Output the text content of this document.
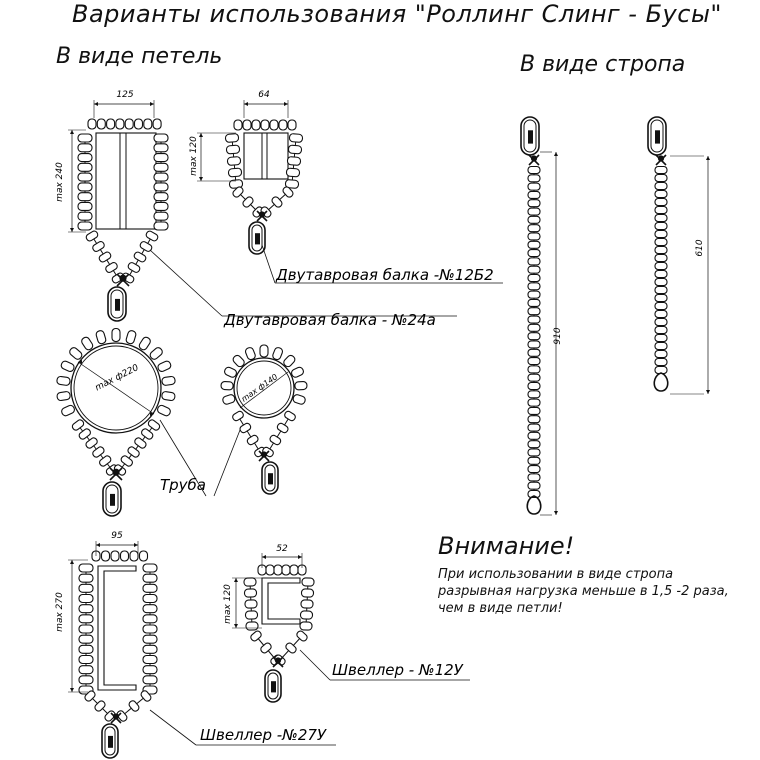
Варианты использования "Роллинг Слинг - Бусы"
В виде петель	В виде стропа
125
max 240
64
max 120
max ф220	max ф140
95
max 270
52
max 120
910
610
Двутавровая балка -№12Б2
Двутавровая балка - №24а
Труба
Швеллер - №12У
Швеллер -№27У
Внимание!
При использовании в виде стропа разрывная нагрузка меньше в 1,5 -2 раза, чем в виде петли!
